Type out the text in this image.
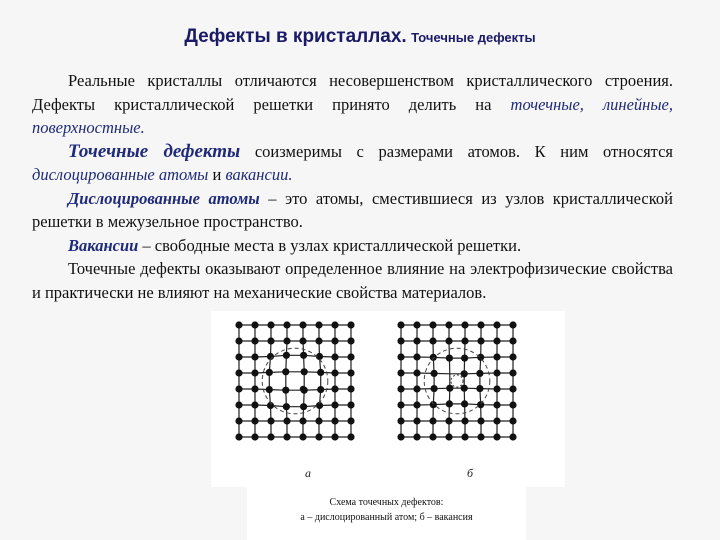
Дефекты в кристаллах. Точечные дефекты

Реальные кристаллы отличаются несовершенством кристаллического строения. Дефекты кристаллической решетки принято делить на точечные, линейные, поверхностные.

Точечные дефекты соизмеримы с размерами атомов. К ним относятся дислоцированные атомы и вакансии.

Дислоцированные атомы – это атомы, сместившиеся из узлов кристаллической решетки в межузельное пространство.

Вакансии – свободные места в узлах кристаллической решетки.

Точечные дефекты оказывают определенное влияние на электрофизические свойства и практически не влияют на механические свойства материалов.

а	б
Схема точечных дефектов:
а – дислоцированный атом; б – вакансия
